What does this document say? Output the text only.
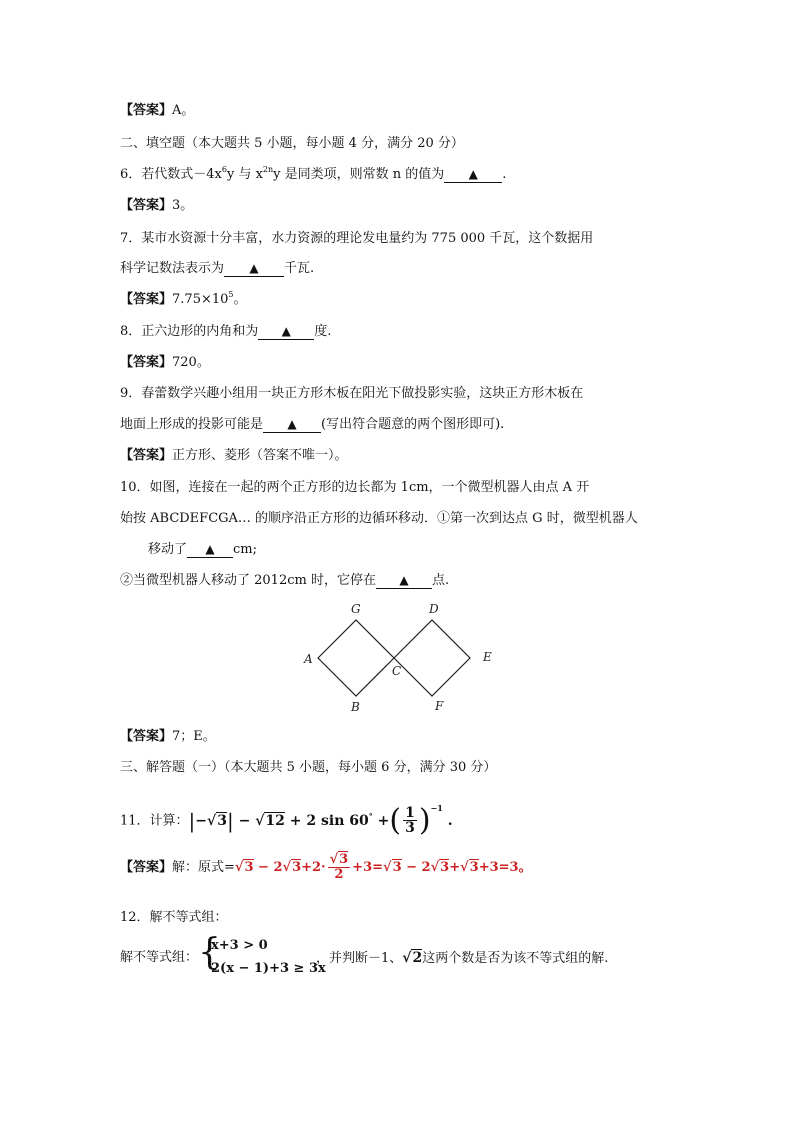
【答案】A。
二、填空题（本大题共 5 小题，每小题 4 分，满分 20 分）
6．若代数式$-4x^6y$ 与 $x^{2n}y$ 是同类项，则常数 n 的值为 ▲ .
【答案】3。
7．某市水资源十分丰富，水力资源的理论发电量约为 775 000 千瓦，这个数据用
科学记数法表示为 ▲ 千瓦.
【答案】$7.75\times 10^5$。
8．正六边形的内角和为 ▲ 度.
【答案】720。
9．春蕾数学兴趣小组用一块正方形木板在阳光下做投影实验，这块正方形木板在
地面上形成的投影可能是 ▲ (写出符合题意的两个图形即可).
【答案】正方形、菱形（答案不唯一）。
10．如图，连接在一起的两个正方形的边长都为 1cm，一个微型机器人由点 A 开
始按 ABCDEFCGA… 的顺序沿正方形的边循环移动．①第一次到达点 G 时，微型机器人
移动了 ▲ cm;
②当微型机器人移动了 2012cm 时，它停在 ▲ 点.
A
G
B
C
D
E
F
【答案】7；E。
三、解答题（一）（本大题共 5 小题，每小题 6 分，满分 30 分）
11．计算：|−√3| − √12 + 2 sin 60° +( $\frac{1}{3} )^{-1}$ .
【答案】解：原式$=√3 - 2√3+2\cdot \frac{√3}{2} +3=√3 - 2√3+√3+3=3$。
12．解不等式组：
解不等式组： {
x+3 > 0
2(x − 1)+3 ≥ 3x
，并判断－1、√2这两个数是否为该不等式组的解.
